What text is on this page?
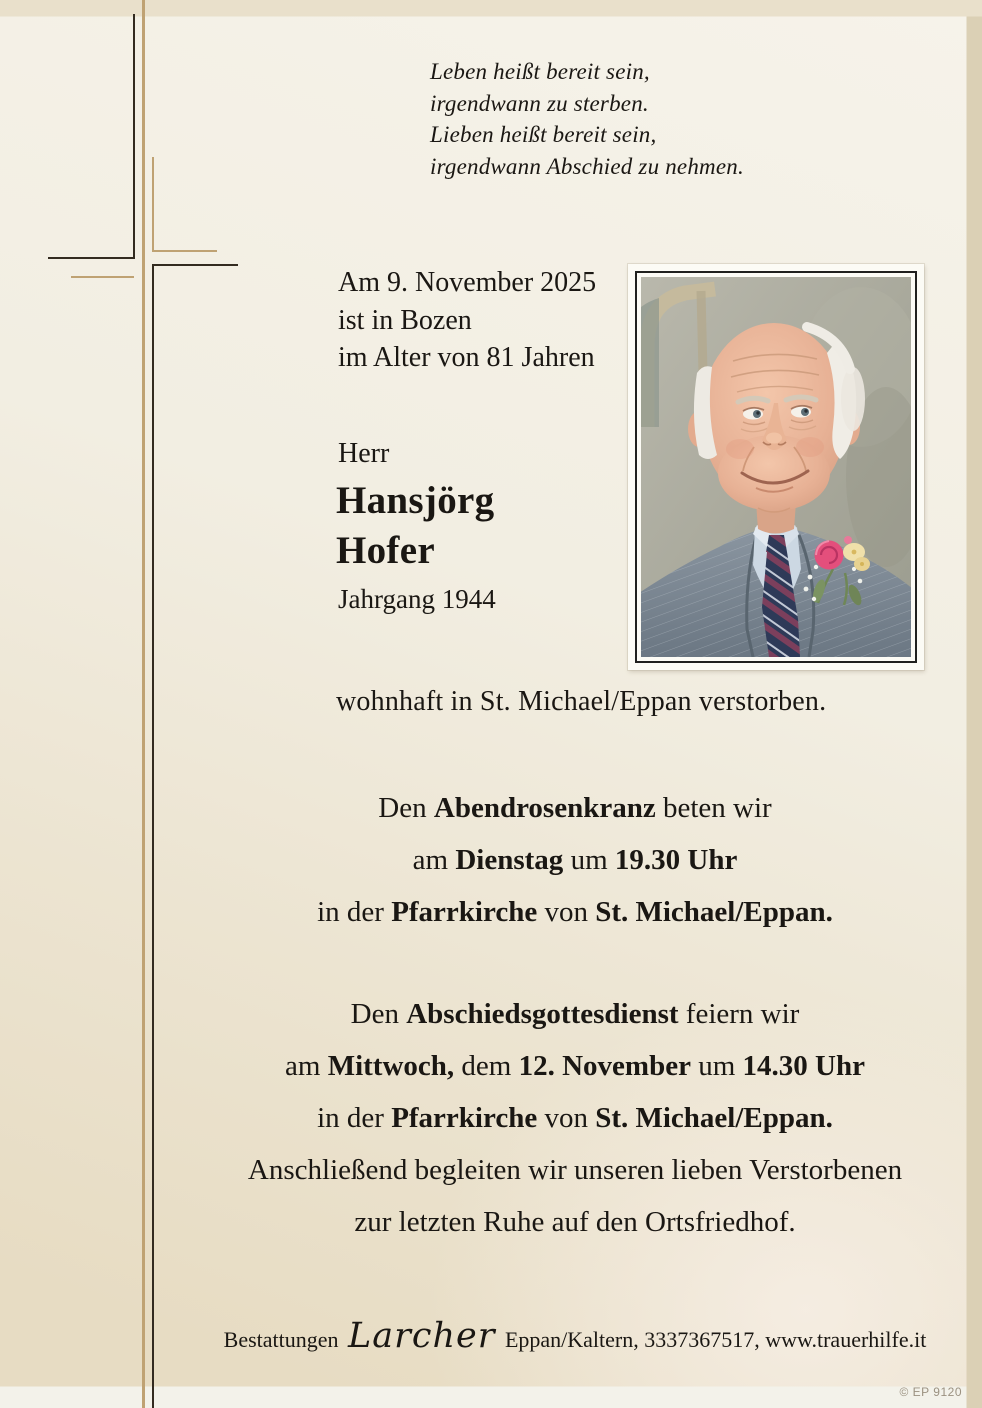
Leben heißt bereit sein,
irgendwann zu sterben.
Lieben heißt bereit sein,
irgendwann Abschied zu nehmen.
Am 9. November 2025
ist in Bozen
im Alter von 81 Jahren
Herr
Hansjörg
Hofer
Jahrgang 1944
wohnhaft in St. Michael/Eppan verstorben.
Den Abendrosenkranz beten wir
am Dienstag um 19.30 Uhr
in der Pfarrkirche von St. Michael/Eppan.
Den Abschiedsgottesdienst feiern wir
am Mittwoch, dem 12. November um 14.30 Uhr
in der Pfarrkirche von St. Michael/Eppan.
Anschließend begleiten wir unseren lieben Verstorbenen
zur letzten Ruhe auf den Ortsfriedhof.
Bestattungen Larcher Eppan/Kaltern, 3337367517, www.trauerhilfe.it
© EP 9120
